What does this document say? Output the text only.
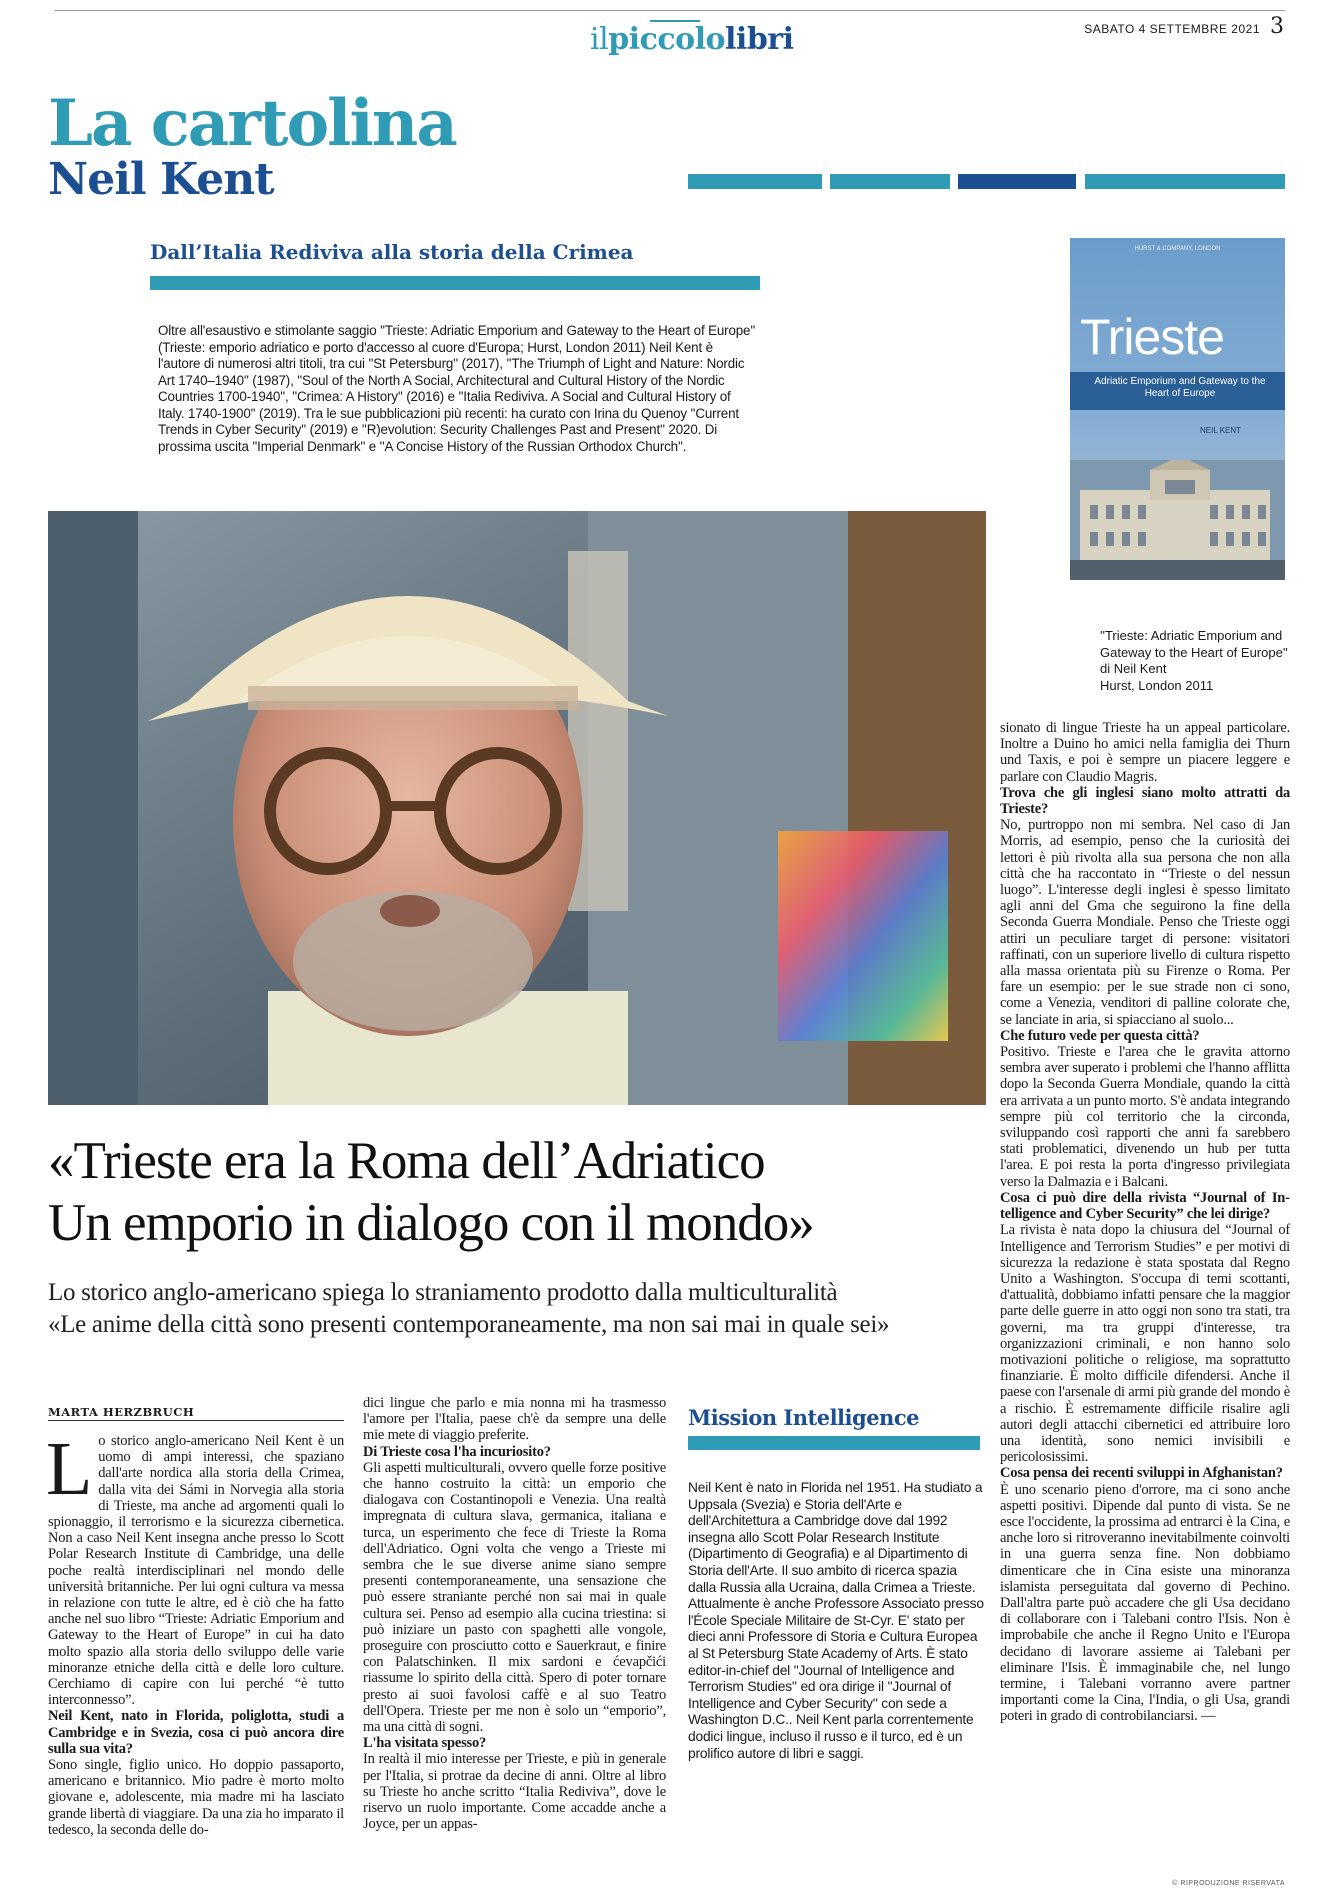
ilpiccololibri	SABATO 4 SETTEMBRE 2021 3
La cartolina
Neil Kent
Dall’Italia Rediviva alla storia della Crimea
Oltre all'esaustivo e stimolante saggio ''Trieste: Adriatic Emporium and Gateway to the Heart of Europe'' (Trieste: emporio adriatico e porto d'accesso al cuore d'Europa; Hurst, London 2011) Neil Kent è l'autore di numerosi altri titoli, tra cui ''St Petersburg'' (2017), ''The Triumph of Light and Nature: Nordic Art 1740–1940'' (1987), ''Soul of the North A Social, Architectural and Cultural History of the Nordic Countries 1700-1940'', ''Crimea: A History'' (2016) e ''Italia Rediviva. A Social and Cultural History of Italy. 1740-1900'' (2019). Tra le sue pubblicazioni più recenti: ha curato con Irina du Quenoy ''Current Trends in Cyber Security'' (2019) e ''R)evolution: Security Challenges Past and Present'' 2020. Di prossima uscita ''Imperial Denmark'' e ''A Concise History of the Russian Orthodox Church''.
HURST & COMPANY, LONDON
Trieste
Adriatic Emporium and Gateway to the Heart of Europe
NEIL KENT
''Trieste: Adriatic Emporium and Gateway to the Heart of Europe'' di Neil Kent
Hurst, London 2011
«Trieste era la Roma dell’Adriatico
Un emporio in dialogo con il mondo»
Lo storico anglo-americano spiega lo straniamento prodotto dalla multiculturalità
«Le anime della città sono presenti contemporaneamente, ma non sai mai in quale sei»
MARTA HERZBRUCH

Lo storico anglo-americano Neil Kent è un uomo di ampi interessi, che spaziano dall'arte nordica alla storia della Crimea, dalla vita dei Sámi in Norvegia alla storia di Trieste, ma anche ad argomenti quali lo spionaggio, il terrorismo e la sicurezza cibernetica. Non a caso Neil Kent insegna anche presso lo Scott Polar Research Institute di Cambridge, una delle poche realtà interdisciplinari nel mondo delle università britanniche. Per lui ogni cultura va messa in relazione con tutte le altre, ed è ciò che ha fatto anche nel suo libro “Trieste: Adriatic Emporium and Gateway to the Heart of Europe” in cui ha dato molto spazio alla storia dello sviluppo delle varie minoranze etniche della città e delle loro culture. Cerchiamo di capire con lui perché “è tutto interconnesso”.

Neil Kent, nato in Florida, poliglotta, studi a Cambridge e in Svezia, cosa ci può ancora dire sulla sua vita?

Sono single, figlio unico. Ho doppio passaporto, americano e britannico. Mio padre è morto molto giovane e, adolescente, mia madre mi ha lasciato grande libertà di viaggiare. Da una zia ho imparato il tedesco, la seconda delle do-

dici lingue che parlo e mia nonna mi ha trasmesso l'amore per l'Italia, paese ch'è da sempre una delle mie mete di viaggio preferite.

Di Trieste cosa l'ha incuriosito?

Gli aspetti multiculturali, ovvero quelle forze positive che hanno costruito la città: un emporio che dialogava con Costantinopoli e Venezia. Una realtà impregnata di cultura slava, germanica, italiana e turca, un esperimento che fece di Trieste la Roma dell'Adriatico. Ogni volta che vengo a Trieste mi sembra che le sue diverse anime siano sempre presenti contemporaneamente, una sensazione che può essere straniante perché non sai mai in quale cultura sei. Penso ad esempio alla cucina triestina: si può iniziare un pasto con spaghetti alle vongole, proseguire con prosciutto cotto e Sauerkraut, e finire con Palatschinken. Il mix sardoni e ćevapčići riassume lo spirito della città. Spero di poter tornare presto ai suoi favolosi caffè e al suo Teatro dell'Opera. Trieste per me non è solo un “emporio”, ma una città di sogni.

L'ha visitata spesso?

In realtà il mio interesse per Trieste, e più in generale per l'Italia, si protrae da decine di anni. Oltre al libro su Trieste ho anche scritto “Italia Rediviva”, dove le riservo un ruolo importante. Come accadde anche a Joyce, per un appas-

Mission Intelligence
Neil Kent è nato in Florida nel 1951. Ha studiato a Uppsala (Svezia) e Storia dell'Arte e dell'Architettura a Cambridge dove dal 1992 insegna allo Scott Polar Research Institute (Dipartimento di Geografia) e al Dipartimento di Storia dell'Arte. Il suo ambito di ricerca spazia dalla Russia alla Ucraina, dalla Crimea a Trieste. Attualmente è anche Professore Associato presso l'École Speciale Militaire de St-Cyr. E' stato per dieci anni Professore di Storia e Cultura Europea al St Petersburg State Academy of Arts. È stato editor-in-chief del ''Journal of Intelligence and Terrorism Studies'' ed ora dirige il ''Journal of Intelligence and Cyber Security'' con sede a Washington D.C.. Neil Kent parla correntemente dodici lingue, incluso il russo e il turco, ed è un prolifico autore di libri e saggi.

sionato di lingue Trieste ha un appeal particolare. Inoltre a Duino ho amici nella famiglia dei Thurn und Taxis, e poi è sempre un piacere leggere e parlare con Claudio Magris.

Trova che gli inglesi siano molto attratti da Trieste?

No, purtroppo non mi sembra. Nel caso di Jan Morris, ad esempio, penso che la curiosità dei lettori è più rivolta alla sua persona che non alla città che ha raccontato in “Trieste o del nessun luogo”. L'interesse degli inglesi è spesso limitato agli anni del Gma che seguirono la fine della Seconda Guerra Mondiale. Penso che Trieste oggi attiri un peculiare target di persone: visitatori raffinati, con un superiore livello di cultura rispetto alla massa orientata più su Firenze o Roma. Per fare un esempio: per le sue strade non ci sono, come a Venezia, venditori di palline colorate che, se lanciate in aria, si spiacciano al suolo...

Che futuro vede per questa città?

Positivo. Trieste e l'area che le gravita attorno sembra aver superato i problemi che l'hanno afflitta dopo la Seconda Guerra Mondiale, quando la città era arrivata a un punto morto. S'è andata integrando sempre più col territorio che la circonda, sviluppando così rapporti che anni fa sarebbero stati problematici, divenendo un hub per tutta l'area. E poi resta la porta d'ingresso privilegiata verso la Dalmazia e i Balcani.

Cosa ci può dire della rivista “Journal of Intelligence and Cyber Security” che lei dirige?

La rivista è nata dopo la chiusura del “Journal of Intelligence and Terrorism Studies” e per motivi di sicurezza la redazione è stata spostata dal Regno Unito a Washington. S'occupa di temi scottanti, d'attualità, dobbiamo infatti pensare che la maggior parte delle guerre in atto oggi non sono tra stati, tra governi, ma tra gruppi d'interesse, tra organizzazioni criminali, e non hanno solo motivazioni politiche o religiose, ma soprattutto finanziarie. È molto difficile difendersi. Anche il paese con l'arsenale di armi più grande del mondo è a rischio. È estremamente difficile risalire agli autori degli attacchi cibernetici ed attribuire loro una identità, sono nemici invisibili e pericolosissimi.

Cosa pensa dei recenti sviluppi in Afghanistan?

È uno scenario pieno d'orrore, ma ci sono anche aspetti positivi. Dipende dal punto di vista. Se ne esce l'occidente, la prossima ad entrarci è la Cina, e anche loro si ritroveranno inevitabilmente coinvolti in una guerra senza fine. Non dobbiamo dimenticare che in Cina esiste una minoranza islamista perseguitata dal governo di Pechino. Dall'altra parte può accadere che gli Usa decidano di collaborare con i Talebani contro l'Isis. Non è improbabile che anche il Regno Unito e l'Europa decidano di lavorare assieme ai Talebani per eliminare l'Isis. È immaginabile che, nel lungo termine, i Talebani vorranno avere partner importanti come la Cina, l'India, o gli Usa, grandi poteri in grado di controbilanciarsi. —

© RIPRODUZIONE RISERVATA
